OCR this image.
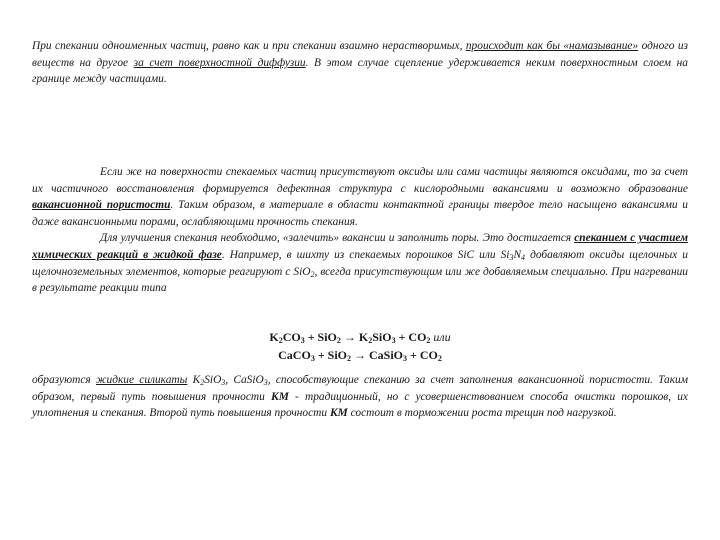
При спекании одноименных частиц, равно как и при спекании взаимно нерастворимых, происходит как бы «намазывание» одного из веществ на другое за счет поверхностной диффузии. В этом случае сцепление удерживается неким поверхностным слоем на границе между частицами.

Если же на поверхности спекаемых частиц присутствуют оксиды или сами частицы являются оксидами, то за счет их частичного восстановления формируется дефектная структура с кислородными вакансиями и возможно образование вакансионной пористости. Таким образом, в материале в области контактной границы твердое тело насыщено вакансиями и даже вакансионными порами, ослабляющими прочность спекания.

Для улучшения спекания необходимо, «залечить» вакансии и заполнить поры. Это достигается спеканием с участием химических реакций в жидкой фазе. Например, в шихту из спекаемых порошков SiC или $Si_3N_4$ добавляют оксиды щелочных и щелочноземельных элементов, которые реагируют с SiO$_2$, всегда присутствующим или же добавляемым специально. При нагревании в результате реакции типа

$K_2CO_3 + SiO_2 \to K_2SiO_3 + CO_2$ или
CaCO$_3$ + SiO$_2$ → CaSiO$_3$ + $CO_2$

образуются жидкие силикаты $K_2SiO_3$, CaSiO$_3$, способствующие спеканию за счет заполнения вакансионной пористости. Таким образом, первый путь повышения прочности КМ - традиционный, но с усовершенствованием способа очистки порошков, их уплотнения и спекания. Второй путь повышения прочности КМ состоит в торможении роста трещин под нагрузкой.
